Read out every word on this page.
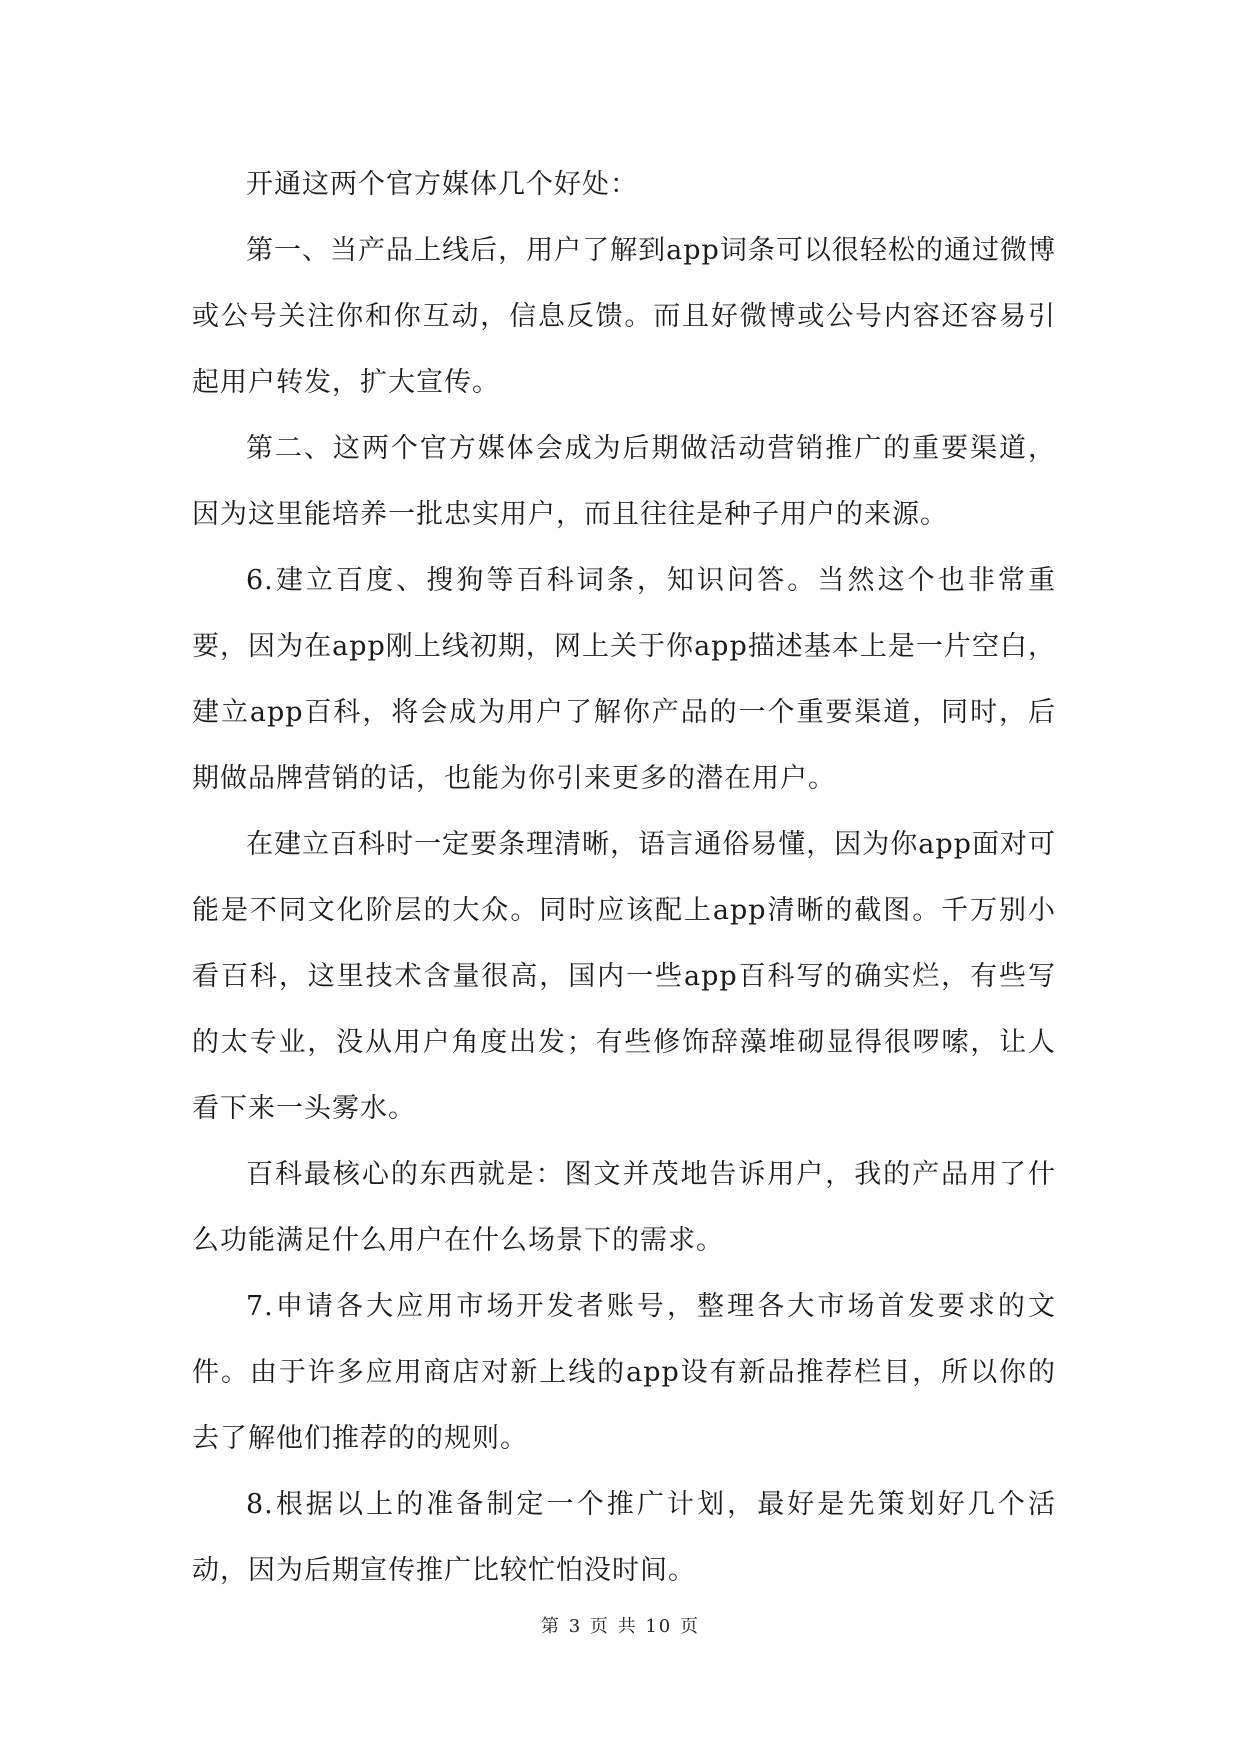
开通这两个官方媒体几个好处：

第一、当产品上线后，用户了解到app词条可以很轻松的通过微博或公号关注你和你互动，信息反馈。而且好微博或公号内容还容易引起用户转发，扩大宣传。

第二、这两个官方媒体会成为后期做活动营销推广的重要渠道，因为这里能培养一批忠实用户，而且往往是种子用户的来源。

6.建立百度、搜狗等百科词条，知识问答。当然这个也非常重要，因为在app刚上线初期，网上关于你app描述基本上是一片空白，建立app百科，将会成为用户了解你产品的一个重要渠道，同时，后期做品牌营销的话，也能为你引来更多的潜在用户。

在建立百科时一定要条理清晰，语言通俗易懂，因为你app面对可能是不同文化阶层的大众。同时应该配上app清晰的截图。千万别小看百科，这里技术含量很高，国内一些app百科写的确实烂，有些写的太专业，没从用户角度出发；有些修饰辞藻堆砌显得很啰嗦，让人看下来一头雾水。

百科最核心的东西就是：图文并茂地告诉用户，我的产品用了什么功能满足什么用户在什么场景下的需求。

7.申请各大应用市场开发者账号，整理各大市场首发要求的文件。由于许多应用商店对新上线的app设有新品推荐栏目，所以你的去了解他们推荐的的规则。

8.根据以上的准备制定一个推广计划，最好是先策划好几个活动，因为后期宣传推广比较忙怕没时间。

第 3 页 共 10 页
